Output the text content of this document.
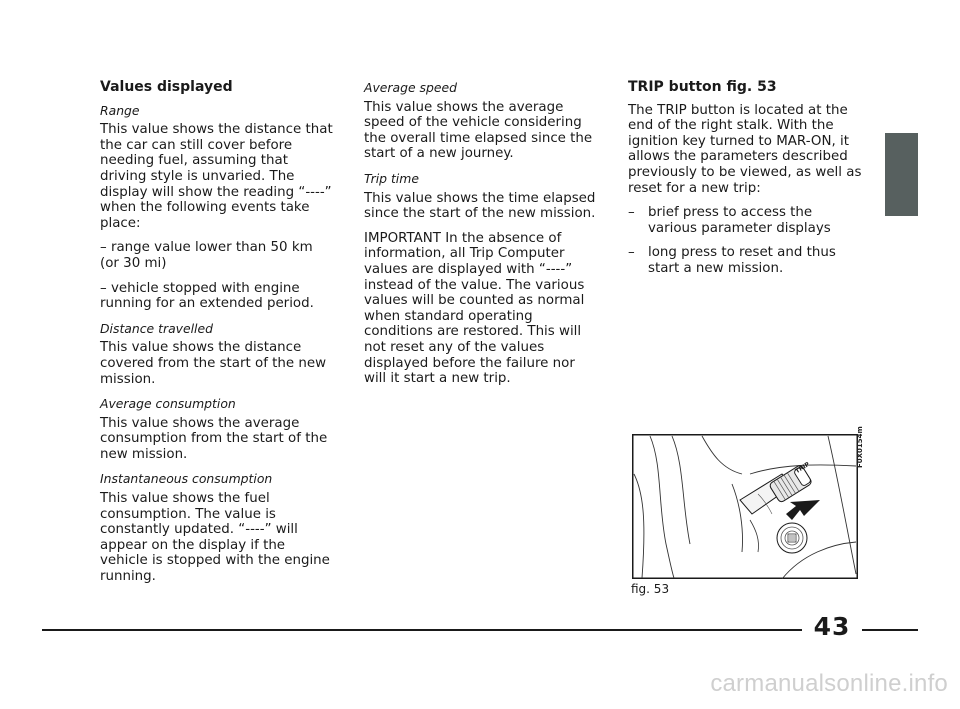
Values displayed
Range
This value shows the distance that the car can still cover before needing fuel, assuming that driving style is unvaried. The display will show the reading “----” when the following events take place:
– range value lower than 50 km
(or 30 mi)
– vehicle stopped with engine running for an extended period.
Distance travelled
This value shows the distance covered from the start of the new mission.
Average consumption
This value shows the average consumption from the start of the new mission.
Instantaneous consumption
This value shows the fuel consumption. The value is constantly updated. “----” will appear on the display if the vehicle is stopped with the engine running.
Average speed
This value shows the average speed of the vehicle considering the overall time elapsed since the start of a new journey.
Trip time
This value shows the time elapsed since the start of the new mission.
IMPORTANT In the absence of information, all Trip Computer values are displayed with “----” instead of the value. The various values will be counted as normal when standard operating conditions are restored. This will not reset any of the values displayed before the failure nor will it start a new trip.
TRIP button fig. 53
The TRIP button is located at the end of the right stalk. With the ignition key turned to MAR-ON, it allows the parameters described previously to be viewed, as well as reset for a new trip:
– brief press to access the various parameter displays
– long press to reset and thus start a new mission.
TRIP
F0X0154m
fig. 53
43
carmanualsonline.info
